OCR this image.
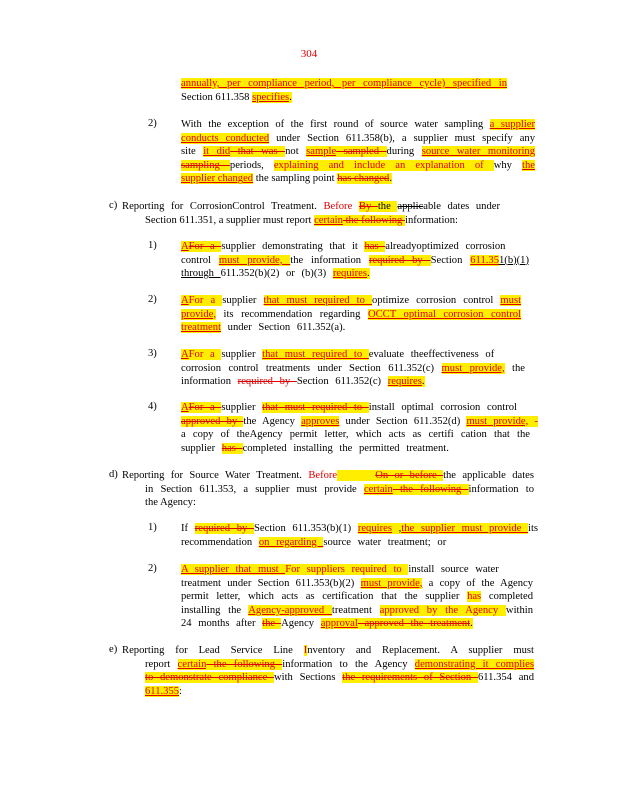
304
annually, per compliance period, per compliance cycle) specified in
Section 611.358 specifies.
2) With the exception of the first round of source water sampling a supplier
conducts conducted under Section 611.358(b), a supplier must specify any
site it did that was not sample sampled during source water monitoring
sampling periods, explaining and include an explanation of why the
supplier changed the sampling point has changed.
c) Reporting for CorrosionControl Treatment. Before By the applicable dates under
Section 611.351, a supplier must report certain the following information:
1) AFor a supplier demonstrating that it has alreadyoptimized corrosion
control must provide, the information required by Section 611.351(b)(1)
through 611.352(b)(2) or (b)(3) requires.
2) AFor a supplier that must required to optimize corrosion control must
provide, its recommendation regarding OCCT optimal corrosion control
treatment under Section 611.352(a).
3) AFor a supplier that must required to evaluate theeffectiveness of
corrosion control treatments under Section 611.352(c) must provide, the
information required by Section 611.352(c) requires.
4) AFor a supplier that must required to install optimal corrosion control
approved by the Agency approves under Section 611.352(d) must provide, -
a copy of theAgency permit letter, which acts as certifi cation that the
supplier has completed installing the permitted treatment.
d) Reporting for Source Water Treatment. Before	On or before the applicable dates
in Section 611.353, a supplier must provide certain the following information to
the Agency:
1) If required by Section 611.353(b)(1) requires ,the supplier must provide its
recommendation on regarding source water treatment; or
2) A supplier that must For suppliers required to install source water
treatment under Section 611.353(b)(2) must provide, a copy of the Agency
permit letter, which acts as certification that the supplier has completed
installing the Agency-approved treatment approved by the Agency within
24 months after the Agency approval approved the treatment.
e) Reporting for Lead Service Line Inventory and Replacement. A supplier must
report certain the following information to the Agency demonstrating it complies
to demonstrate compliance with Sections the requirements of Section 611.354 and
611.355:
